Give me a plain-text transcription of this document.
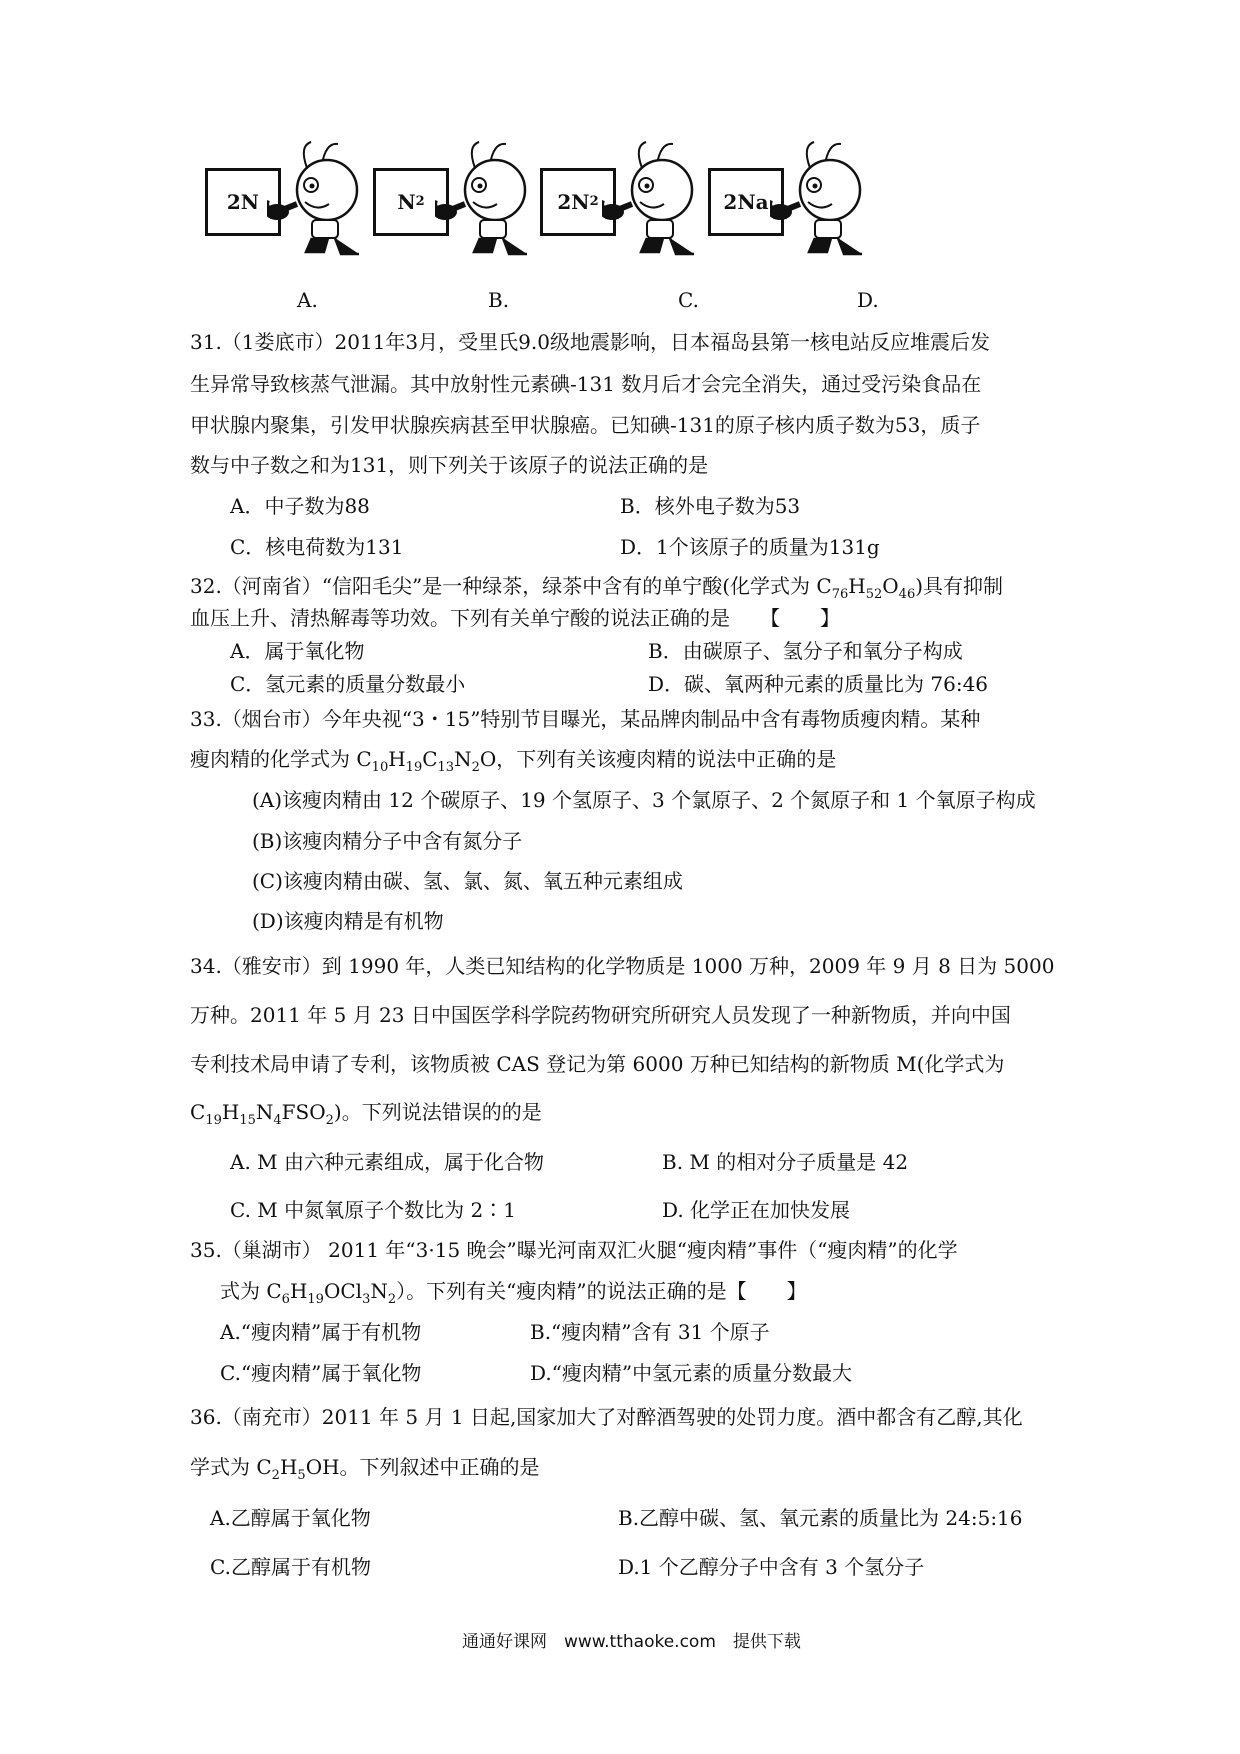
2N	N 2	2N 2	2Na
A.	B.	C.	D.
31.（1娄底市）2011年3月，受里氏9.0级地震影响，日本福岛县第一核电站反应堆震后发
生异常导致核蒸气泄漏。其中放射性元素碘-131 数月后才会完全消失，通过受污染食品在
甲状腺内聚集，引发甲状腺疾病甚至甲状腺癌。已知碘-131的原子核内质子数为53，质子
数与中子数之和为131，则下列关于该原子的说法正确的是
A．中子数为88	B．核外电子数为53
C．核电荷数为131	D．1个该原子的质量为131g
32.（河南省）“信阳毛尖”是一种绿茶，绿茶中含有的单宁酸(化学式为 $C_{76}H_{52}O_{46}$)具有抑制
血压上升、清热解毒等功效。下列有关单宁酸的说法正确的是　　【　　】
A．属于氧化物	B．由碳原子、氢分子和氧分子构成
C．氢元素的质量分数最小	D．碳、氧两种元素的质量比为 76:46
33.（烟台市）今年央视“3・15”特别节目曝光，某品牌肉制品中含有毒物质瘦肉精。某种
瘦肉精的化学式为 $C_{10}H_{19}C_{13}N_2O$，下列有关该瘦肉精的说法中正确的是
(A)该瘦肉精由 12 个碳原子、19 个氢原子、3 个氯原子、2 个氮原子和 1 个氧原子构成
(B)该瘦肉精分子中含有氮分子
(C)该瘦肉精由碳、氢、氯、氮、氧五种元素组成
(D)该瘦肉精是有机物
34.（雅安市）到 1990 年，人类已知结构的化学物质是 1000 万种，2009 年 9 月 8 日为 5000
万种。2011 年 5 月 23 日中国医学科学院药物研究所研究人员发现了一种新物质，并向中国
专利技术局申请了专利，该物质被 CAS 登记为第 6000 万种已知结构的新物质 M(化学式为
$C_{19}H_{15}N_4FSO_2$)。下列说法错误的的是
A. M 由六种元素组成，属于化合物	B. M 的相对分子质量是 42
C. M 中氮氧原子个数比为 2∶1	D. 化学正在加快发展
35.（巢湖市） 2011 年“3·15 晚会”曝光河南双汇火腿“瘦肉精”事件（“瘦肉精”的化学
式为 $C_6H_{19}OCl_3N_2$）。下列有关“瘦肉精”的说法正确的是【　　】
A.“瘦肉精”属于有机物	B.“瘦肉精”含有 31 个原子
C.“瘦肉精”属于氧化物	D.“瘦肉精”中氢元素的质量分数最大
36.（南充市）2011 年 5 月 1 日起,国家加大了对醉酒驾驶的处罚力度。酒中都含有乙醇,其化
学式为 $C_2H_5OH$。下列叙述中正确的是
A.乙醇属于氧化物	B.乙醇中碳、氢、氧元素的质量比为 24:5:16
C.乙醇属于有机物	D.1 个乙醇分子中含有 3 个氢分子
通通好课网　www.tthaoke.com　提供下载
